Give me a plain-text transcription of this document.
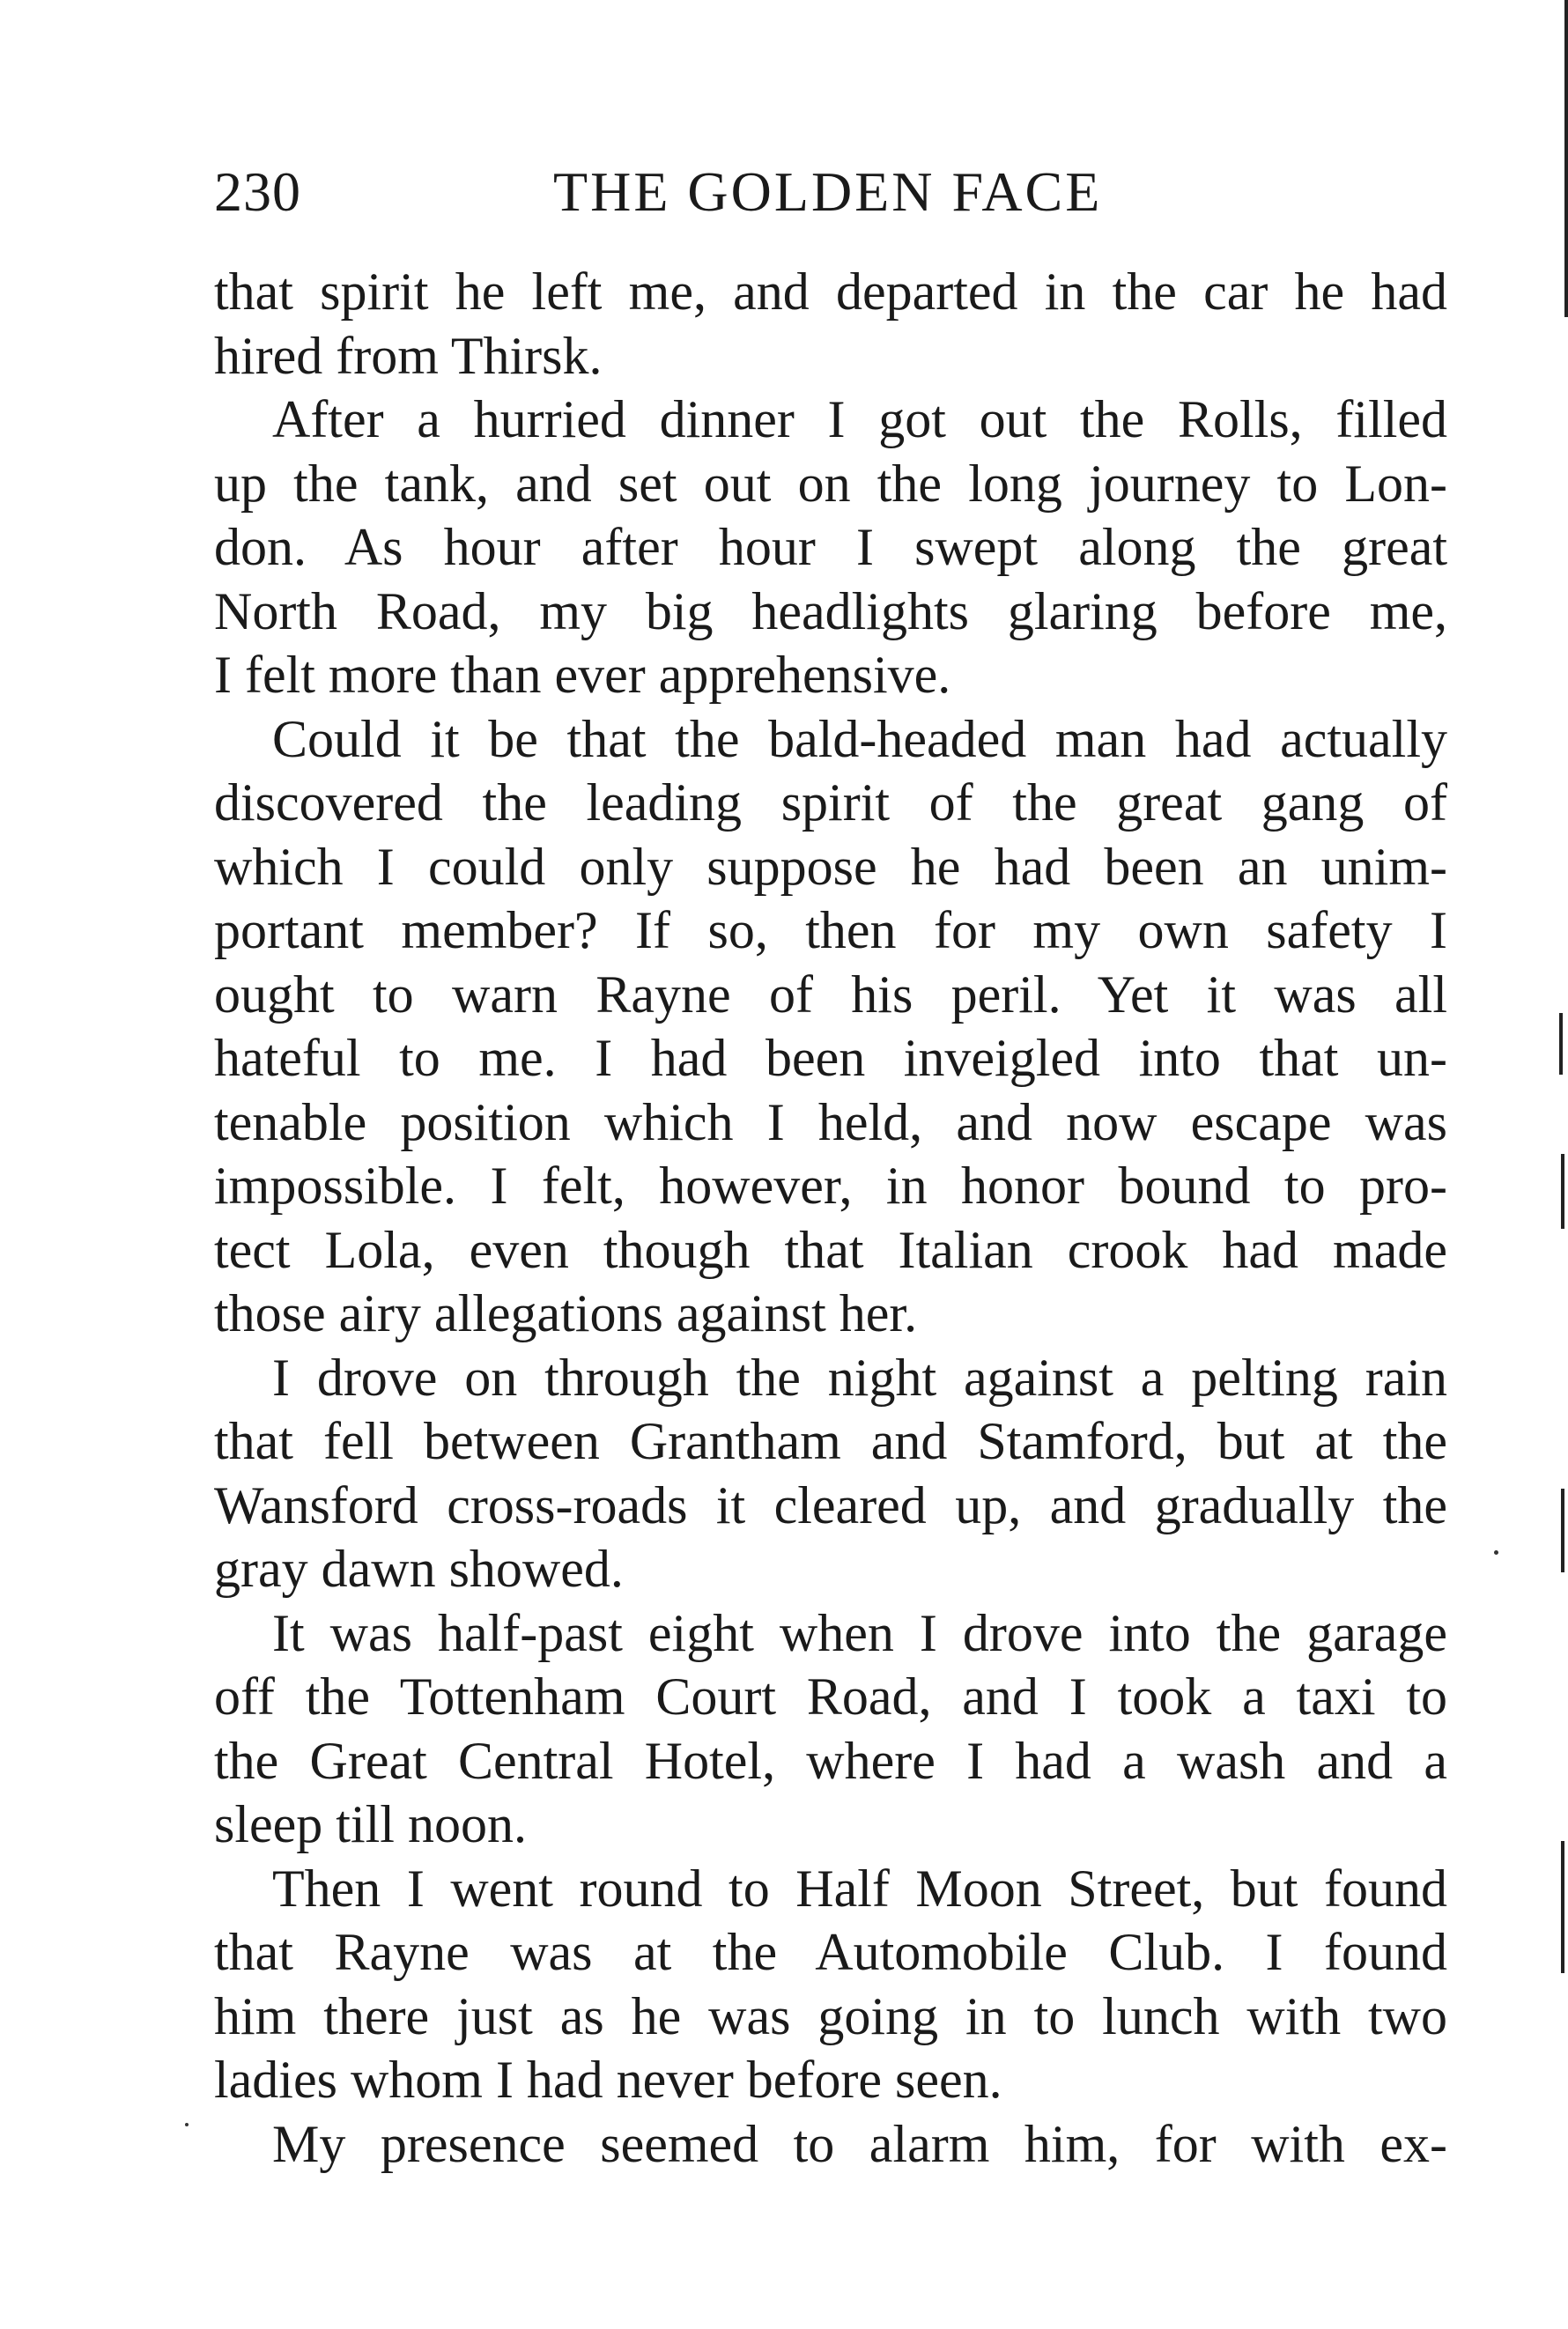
230	THE GOLDEN FACE
that spirit he left me, and departed in the car he had
hired from Thirsk.
After a hurried dinner I got out the Rolls, filled
up the tank, and set out on the long journey to Lon-
don. As hour after hour I swept along the great
North Road, my big headlights glaring before me,
I felt more than ever apprehensive.
Could it be that the bald-headed man had actually
discovered the leading spirit of the great gang of
which I could only suppose he had been an unim-
portant member? If so, then for my own safety I
ought to warn Rayne of his peril. Yet it was all
hateful to me. I had been inveigled into that un-
tenable position which I held, and now escape was
impossible. I felt, however, in honor bound to pro-
tect Lola, even though that Italian crook had made
those airy allegations against her.
I drove on through the night against a pelting rain
that fell between Grantham and Stamford, but at the
Wansford cross-roads it cleared up, and gradually the
gray dawn showed.
It was half-past eight when I drove into the garage
off the Tottenham Court Road, and I took a taxi to
the Great Central Hotel, where I had a wash and a
sleep till noon.
Then I went round to Half Moon Street, but found
that Rayne was at the Automobile Club. I found
him there just as he was going in to lunch with two
ladies whom I had never before seen.
My presence seemed to alarm him, for with ex-
